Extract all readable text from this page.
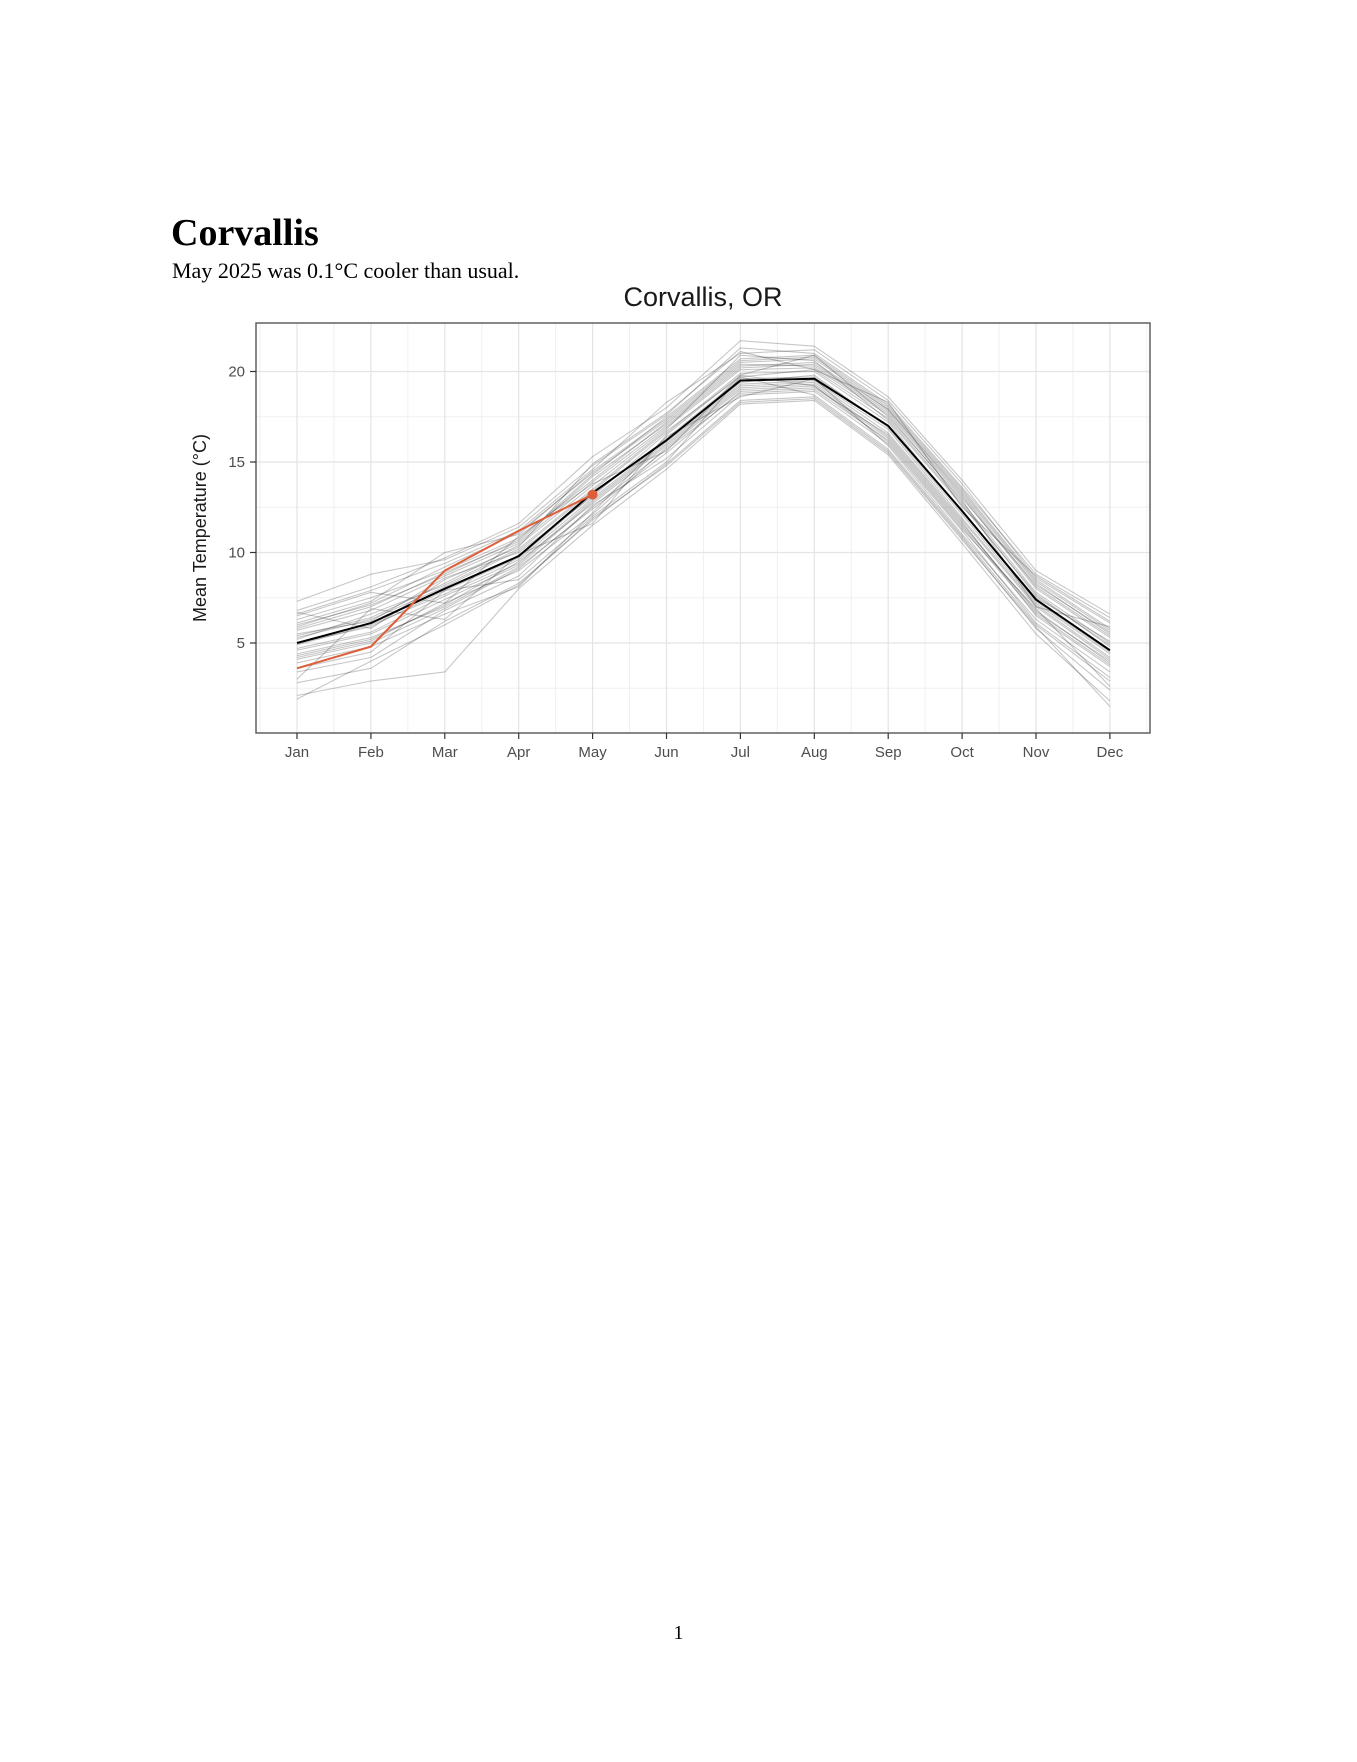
Corvallis

May 2025 was 0.1°C cooler than usual.

Jan	Feb	Mar	Apr	May	Jun	Jul	Aug	Sep	Oct	Nov	Dec
5
10
15
20
Corvallis, OR
Mean Temperature (°C)
1
